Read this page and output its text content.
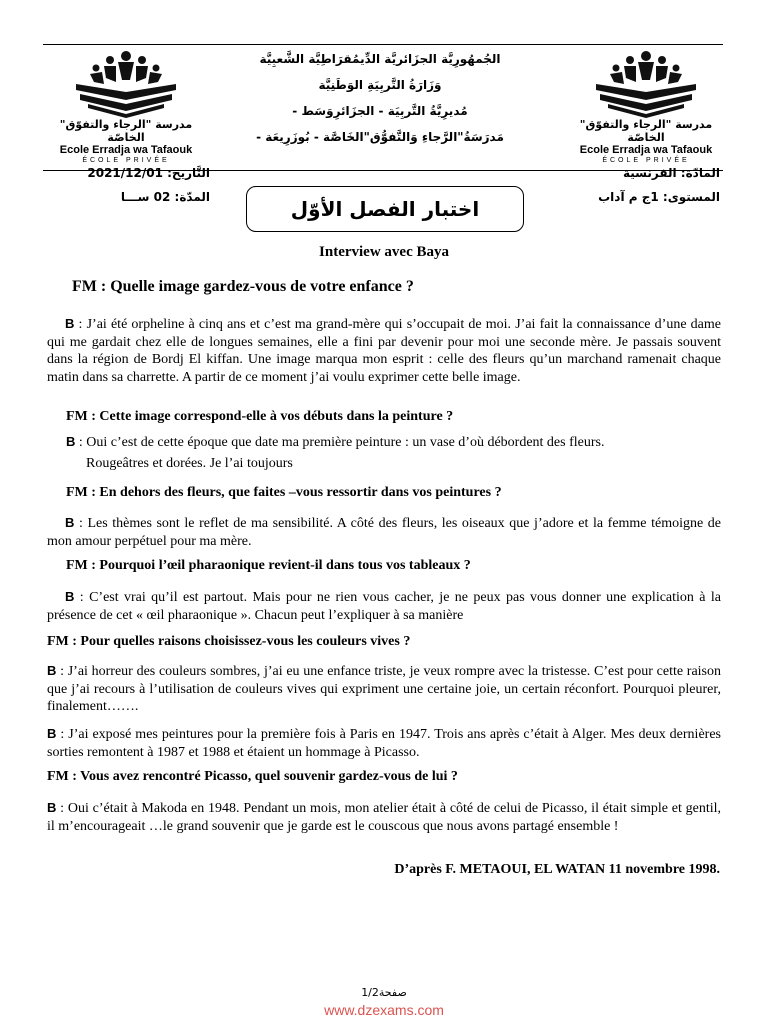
مدرسة "الرجاء والتفوّق" الخاصّة
Ecole Erradja wa Tafaouk
ÉCOLE PRIVÉE
مدرسة "الرجاء والتفوّق" الخاصّة
Ecole Erradja wa Tafaouk
ÉCOLE PRIVÉE
الجُمهُورِيَّة الجزَائريَّة الدِّيمُقرَاطِيَّة الشَّعبِيَّة
وَزَارَةُ التَّربِيَةِ الوَطَنِيَّة
مُديرِيَّةُ التَّربِيَة - الجزَائرِوَسَط -
مَدرَسَةُ"الرَّجاءِ وَالتَّفوُّق"الخَاصَّة - بُوزَرِيعَة -
التَّاريخ: 2021/12/01
المدّة: 02 ســـا
المادّة: الفرنسية
المستوى: 1ج م آداب
اختبار الفصل الأوّل
Interview avec Baya
FM : Quelle image gardez-vous de votre enfance ?
B : J’ai été orpheline à cinq ans et c’est ma grand-mère qui s’occupait de moi. J’ai fait la connaissance d’une dame qui me gardait chez elle de longues semaines, elle a fini par devenir pour moi une seconde mère. Je passais souvent dans la région de Bordj El kiffan. Une image marqua mon esprit : celle des fleurs qu’un marchand ramenait chaque matin dans sa charrette. A partir de ce moment j’ai voulu exprimer cette belle image.
FM : Cette image correspond-elle à vos débuts dans la peinture ?
B : Oui c’est de cette époque que date ma première peinture : un vase d’où débordent des fleurs.
Rougeâtres et dorées. Je l’ai toujours
FM : En dehors des fleurs, que faites –vous ressortir dans vos peintures ?
B : Les thèmes sont le reflet de ma sensibilité. A côté des fleurs, les oiseaux que j’adore et la femme témoigne de mon amour perpétuel pour ma mère.
FM : Pourquoi l’œil pharaonique revient-il dans tous vos tableaux ?
B : C’est vrai qu’il est partout. Mais pour ne rien vous cacher, je ne peux pas vous donner une explication à la présence de cet « œil pharaonique ». Chacun peut l’expliquer à sa manière
FM : Pour quelles raisons choisissez-vous les couleurs vives ?
B : J’ai horreur des couleurs sombres, j’ai eu une enfance triste, je veux rompre avec la tristesse. C’est pour cette raison que j’ai recours à l’utilisation de couleurs vives qui expriment une certaine joie, un certain réconfort. Pourquoi pleurer, finalement…….
B : J’ai exposé mes peintures pour la première fois à Paris en 1947. Trois ans après c’était à Alger. Mes deux dernières sorties remontent à 1987 et 1988 et étaient un hommage à Picasso.
FM : Vous avez rencontré Picasso, quel souvenir gardez-vous de lui ?
B : Oui c’était à Makoda en 1948. Pendant un mois, mon atelier était à côté de celui de Picasso, il était simple et gentil, il m’encourageait …le grand souvenir que je garde est le couscous que nous avons partagé ensemble !
D’après F. METAOUI, EL WATAN 11 novembre 1998.
صفحة1/2
www.dzexams.com
